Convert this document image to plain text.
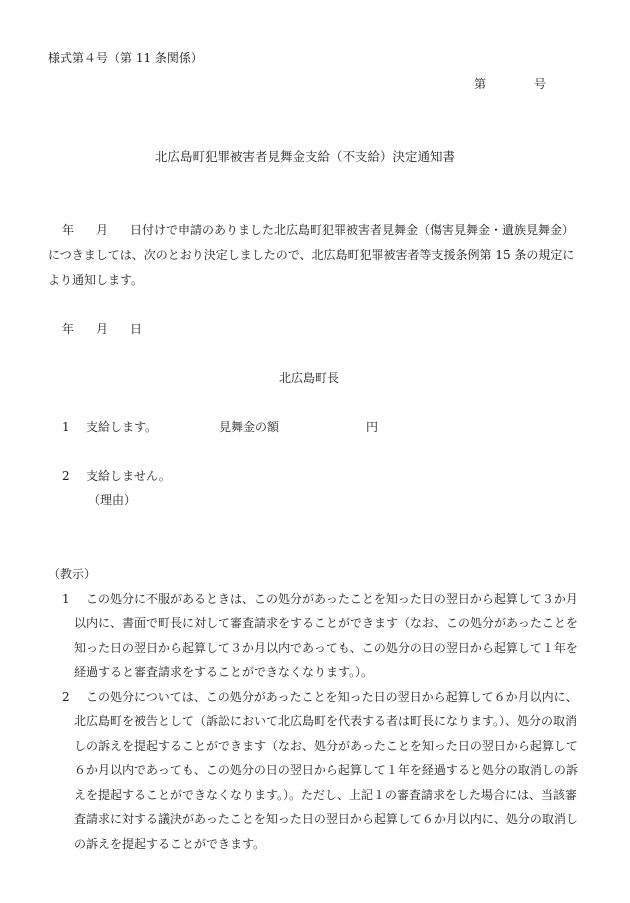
様式第４号（第 11 条関係）
第	号
北広島町犯罪被害者見舞金支給（不支給）決定通知書
年 月 日付けで申請のありました北広島町犯罪被害者見舞金（傷害見舞金・遺族見舞金）
につきましては、次のとおり決定しましたので、北広島町犯罪被害者等支援条例第 15 条の規定に
より通知します。
年 月 日
北広島町長
1 支給します。	見舞金の額	円
2 支給しません。
（理由）
（教示）
1 この処分に不服があるときは、この処分があったことを知った日の翌日から起算して３か月
以内に、書面で町長に対して審査請求をすることができます（なお、この処分があったことを
知った日の翌日から起算して３か月以内であっても、この処分の日の翌日から起算して１年を
経過すると審査請求をすることができなくなります。）。
2 この処分については、この処分があったことを知った日の翌日から起算して６か月以内に、
北広島町を被告として（訴訟において北広島町を代表する者は町長になります。）、処分の取消
しの訴えを提起することができます（なお、処分があったことを知った日の翌日から起算して
６か月以内であっても、この処分の日の翌日から起算して１年を経過すると処分の取消しの訴
えを提起することができなくなります。）。ただし、上記１の審査請求をした場合には、当該審
査請求に対する議決があったことを知った日の翌日から起算して６か月以内に、処分の取消し
の訴えを提起することができます。
